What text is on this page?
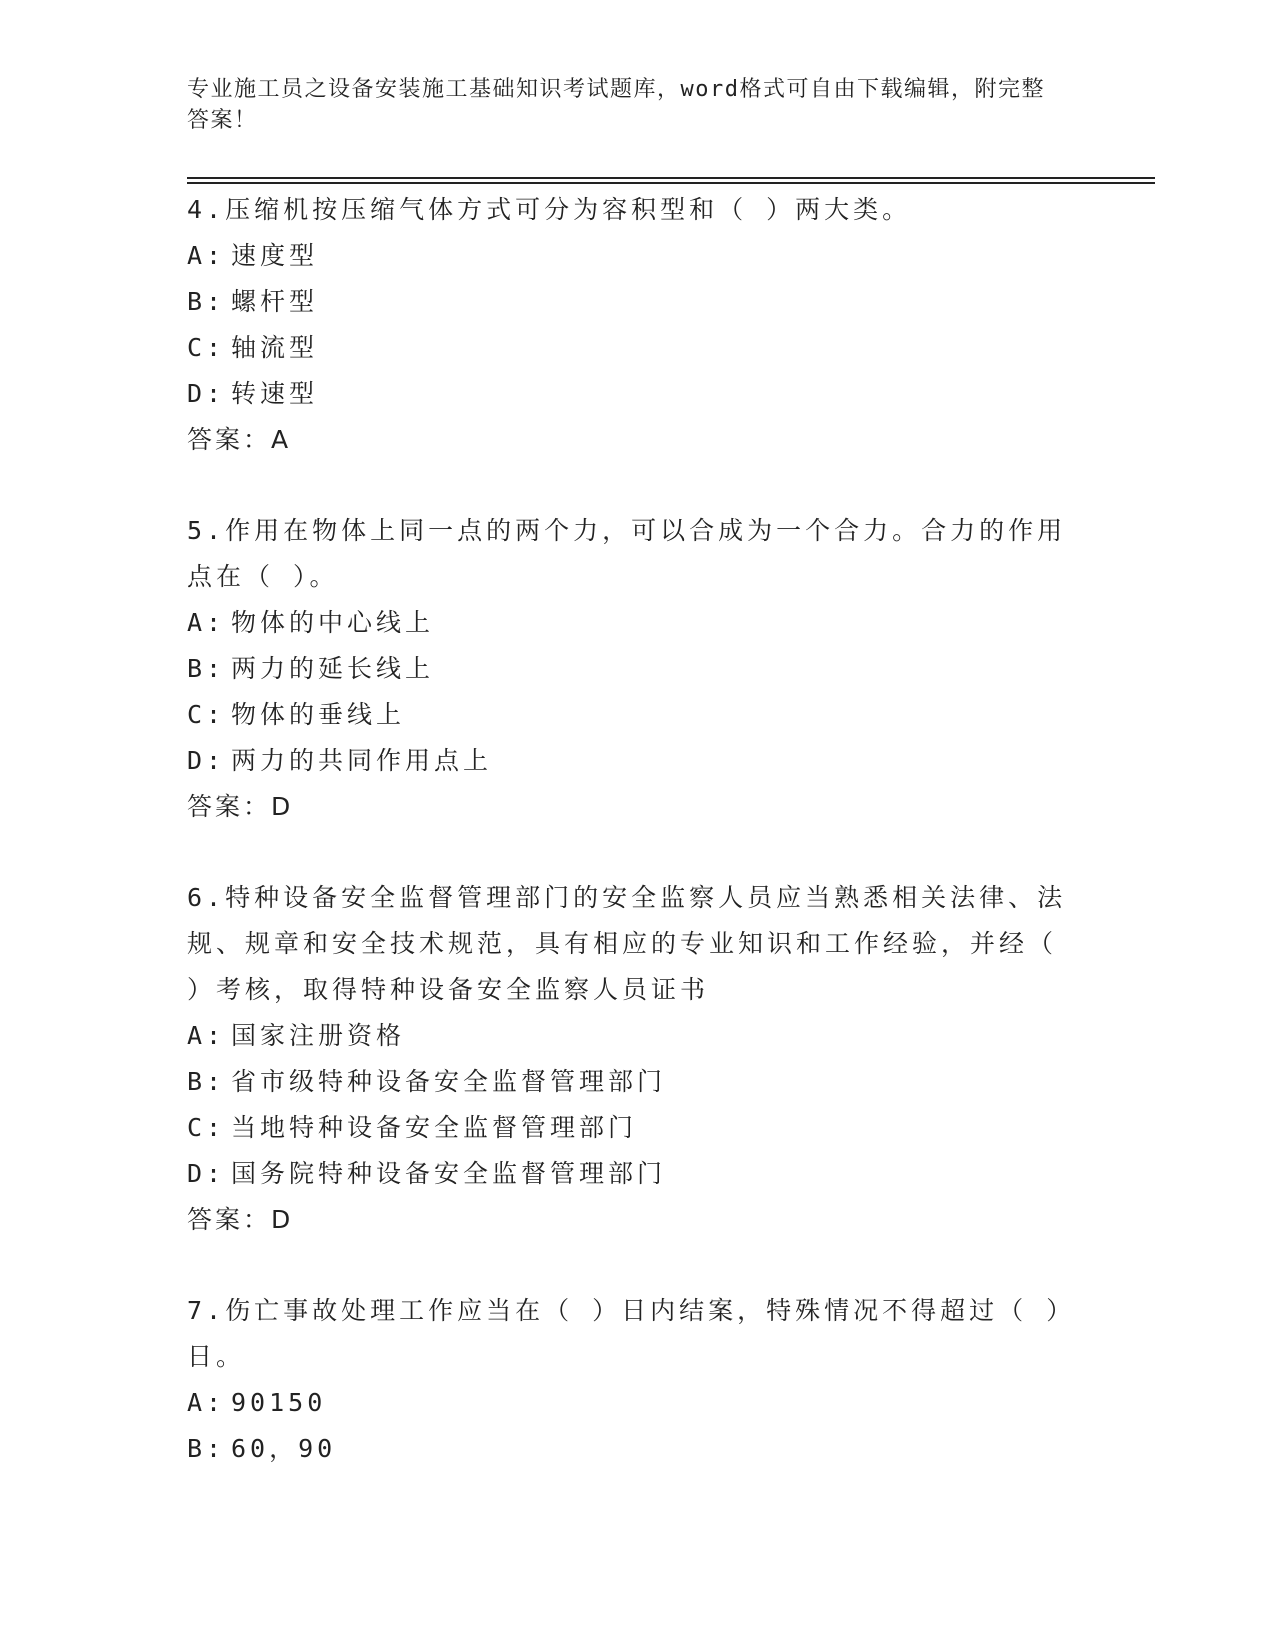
专业施工员之设备安装施工基础知识考试题库，word格式可自由下载编辑，附完整答案！

4.压缩机按压缩气体方式可分为容积型和（ ）两大类。

A: 速度型

B: 螺杆型

C: 轴流型

D: 转速型

答案：A

5.作用在物体上同一点的两个力，可以合成为一个合力。合力的作用点在（ ）。

A: 物体的中心线上

B: 两力的延长线上

C: 物体的垂线上

D: 两力的共同作用点上

答案：D

6.特种设备安全监督管理部门的安全监察人员应当熟悉相关法律、法规、规章和安全技术规范，具有相应的专业知识和工作经验，并经（ ）考核，取得特种设备安全监察人员证书

A: 国家注册资格

B: 省市级特种设备安全监督管理部门

C: 当地特种设备安全监督管理部门

D: 国务院特种设备安全监督管理部门

答案：D

7.伤亡事故处理工作应当在（ ）日内结案，特殊情况不得超过（ ）日。

A: 90150

B: 60，90
